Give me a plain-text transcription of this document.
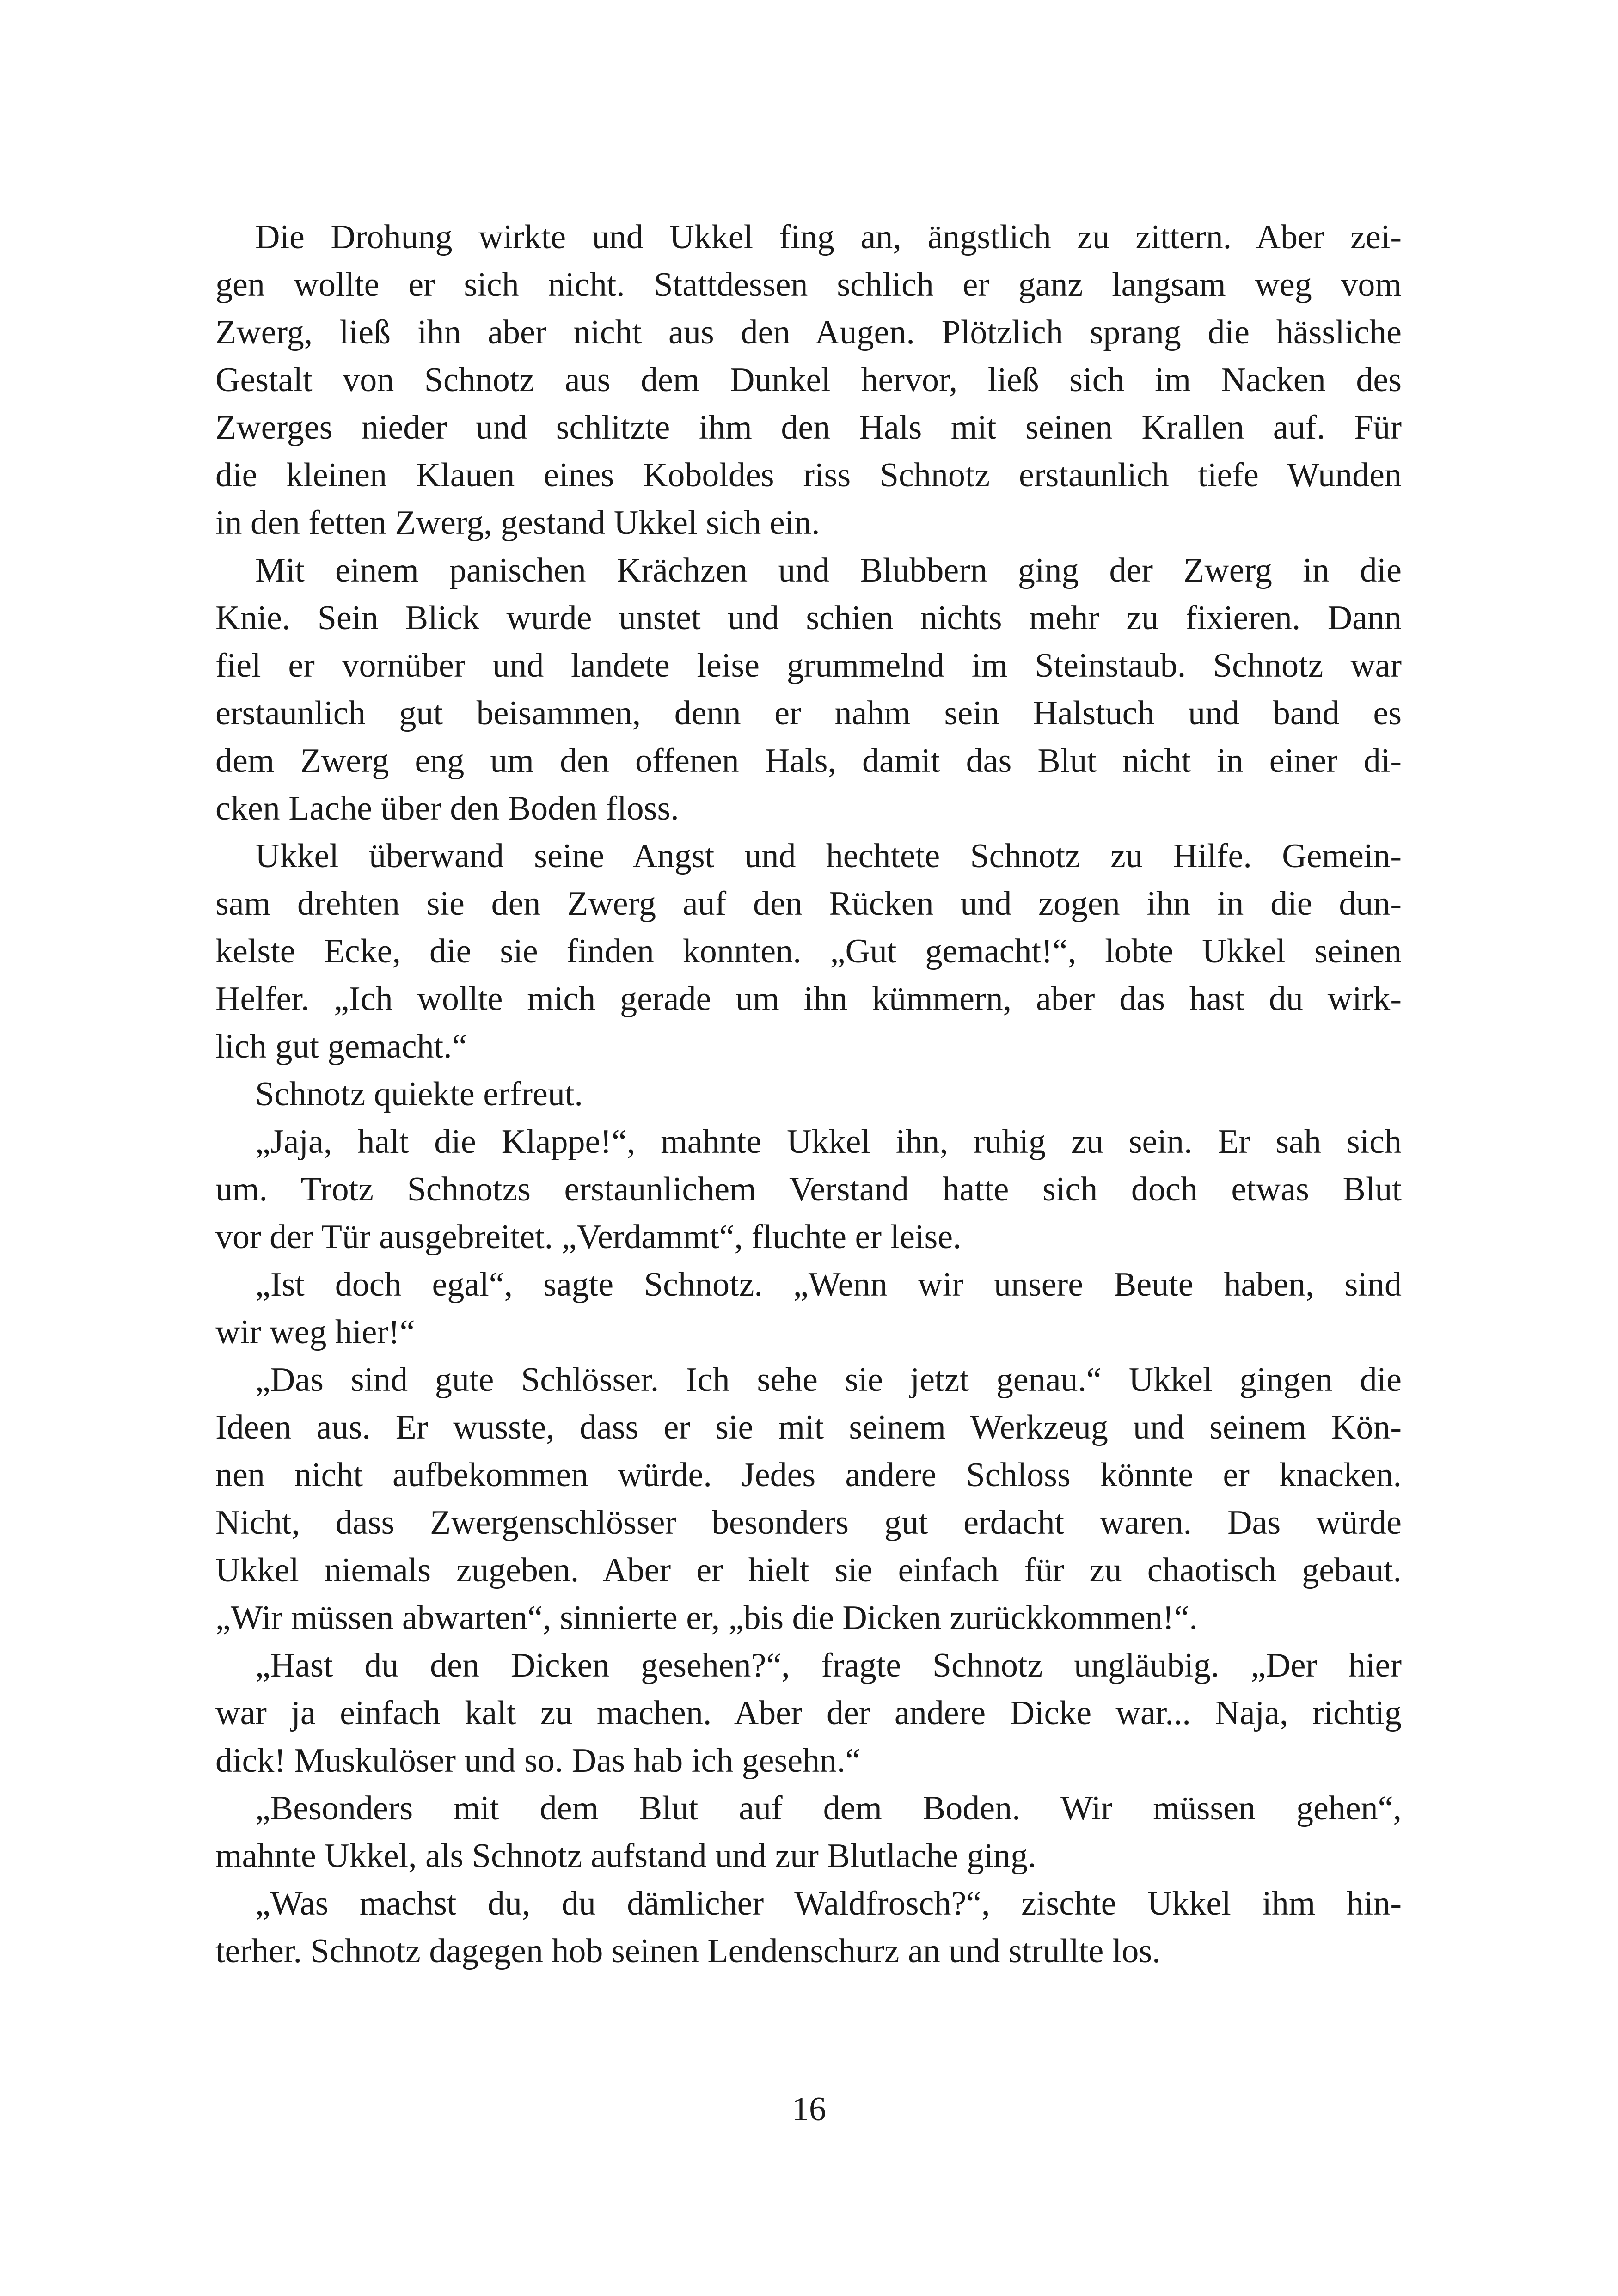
Die Drohung wirkte und Ukkel fing an, ängstlich zu zittern. Aber zei-
gen wollte er sich nicht. Stattdessen schlich er ganz langsam weg vom
Zwerg, ließ ihn aber nicht aus den Augen. Plötzlich sprang die hässliche
Gestalt von Schnotz aus dem Dunkel hervor, ließ sich im Nacken des
Zwerges nieder und schlitzte ihm den Hals mit seinen Krallen auf. Für
die kleinen Klauen eines Koboldes riss Schnotz erstaunlich tiefe Wunden
in den fetten Zwerg, gestand Ukkel sich ein.
Mit einem panischen Krächzen und Blubbern ging der Zwerg in die
Knie. Sein Blick wurde unstet und schien nichts mehr zu fixieren. Dann
fiel er vornüber und landete leise grummelnd im Steinstaub. Schnotz war
erstaunlich gut beisammen, denn er nahm sein Halstuch und band es
dem Zwerg eng um den offenen Hals, damit das Blut nicht in einer di-
cken Lache über den Boden floss.
Ukkel überwand seine Angst und hechtete Schnotz zu Hilfe. Gemein-
sam drehten sie den Zwerg auf den Rücken und zogen ihn in die dun-
kelste Ecke, die sie finden konnten. „Gut gemacht!“, lobte Ukkel seinen
Helfer. „Ich wollte mich gerade um ihn kümmern, aber das hast du wirk-
lich gut gemacht.“
Schnotz quiekte erfreut.
„Jaja, halt die Klappe!“, mahnte Ukkel ihn, ruhig zu sein. Er sah sich
um. Trotz Schnotzs erstaunlichem Verstand hatte sich doch etwas Blut
vor der Tür ausgebreitet. „Verdammt“, fluchte er leise.
„Ist doch egal“, sagte Schnotz. „Wenn wir unsere Beute haben, sind
wir weg hier!“
„Das sind gute Schlösser. Ich sehe sie jetzt genau.“ Ukkel gingen die
Ideen aus. Er wusste, dass er sie mit seinem Werkzeug und seinem Kön-
nen nicht aufbekommen würde. Jedes andere Schloss könnte er knacken.
Nicht, dass Zwergenschlösser besonders gut erdacht waren. Das würde
Ukkel niemals zugeben. Aber er hielt sie einfach für zu chaotisch gebaut.
„Wir müssen abwarten“, sinnierte er, „bis die Dicken zurückkommen!“.
„Hast du den Dicken gesehen?“, fragte Schnotz ungläubig. „Der hier
war ja einfach kalt zu machen. Aber der andere Dicke war... Naja, richtig
dick! Muskulöser und so. Das hab ich gesehn.“
„Besonders mit dem Blut auf dem Boden. Wir müssen gehen“,
mahnte Ukkel, als Schnotz aufstand und zur Blutlache ging.
„Was machst du, du dämlicher Waldfrosch?“, zischte Ukkel ihm hin-
terher. Schnotz dagegen hob seinen Lendenschurz an und strullte los.
16
